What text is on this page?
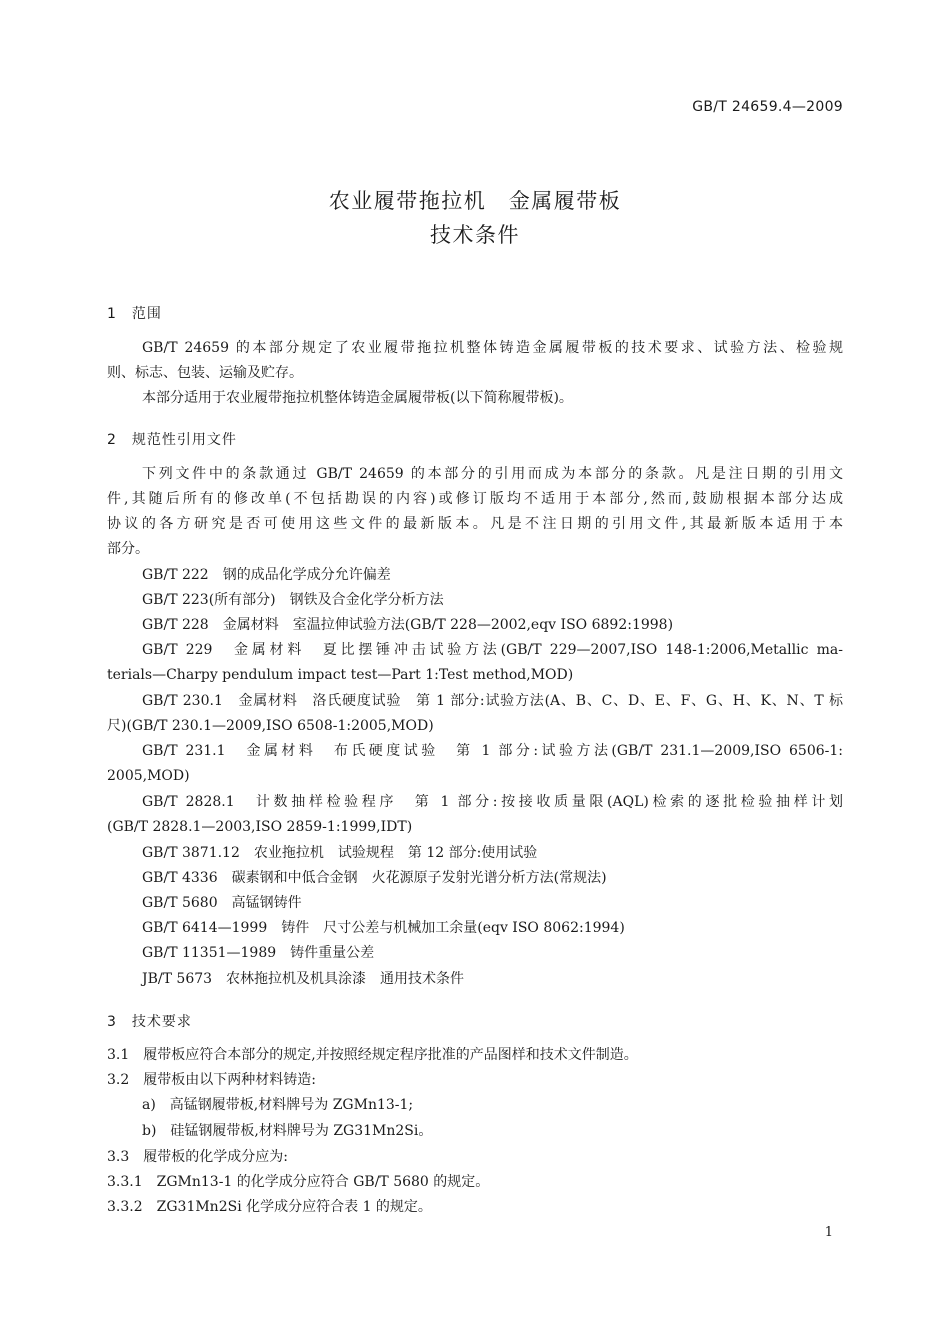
GB/T 24659.4—2009
农业履带拖拉机　金属履带板
技术条件
1　范围
GB/T 24659 的本部分规定了农业履带拖拉机整体铸造金属履带板的技术要求、试验方法、检验规
则、标志、包装、运输及贮存。
本部分适用于农业履带拖拉机整体铸造金属履带板(以下简称履带板)。
2　规范性引用文件
下列文件中的条款通过 GB/T 24659 的本部分的引用而成为本部分的条款。凡是注日期的引用文
件,其随后所有的修改单(不包括勘误的内容)或修订版均不适用于本部分,然而,鼓励根据本部分达成
协议的各方研究是否可使用这些文件的最新版本。凡是不注日期的引用文件,其最新版本适用于本
部分。
GB/T 222　钢的成品化学成分允许偏差
GB/T 223(所有部分)　钢铁及合金化学分析方法
GB/T 228　金属材料　室温拉伸试验方法(GB/T 228—2002,eqv ISO 6892:1998)
GB/T 229　金属材料　夏比摆锤冲击试验方法(GB/T 229—2007,ISO 148-1:2006,Metallic ma-
terials—Charpy pendulum impact test—Part 1:Test method,MOD)
GB/T 230.1　金属材料　洛氏硬度试验　第 1 部分:试验方法(A、B、C、D、E、F、G、H、K、N、T 标
尺)(GB/T 230.1—2009,ISO 6508-1:2005,MOD)
GB/T 231.1　金属材料　布氏硬度试验　第 1 部分:试验方法(GB/T 231.1—2009,ISO 6506-1:
2005,MOD)
GB/T 2828.1　计数抽样检验程序　第 1 部分:按接收质量限(AQL)检索的逐批检验抽样计划
(GB/T 2828.1—2003,ISO 2859-1:1999,IDT)
GB/T 3871.12　农业拖拉机　试验规程　第 12 部分:使用试验
GB/T 4336　碳素钢和中低合金钢　火花源原子发射光谱分析方法(常规法)
GB/T 5680　高锰钢铸件
GB/T 6414—1999　铸件　尺寸公差与机械加工余量(eqv ISO 8062:1994)
GB/T 11351—1989　铸件重量公差
JB/T 5673　农林拖拉机及机具涂漆　通用技术条件
3　技术要求
3.1　履带板应符合本部分的规定,并按照经规定程序批准的产品图样和技术文件制造。
3.2　履带板由以下两种材料铸造:
a)　高锰钢履带板,材料牌号为 ZGMn13-1;
b)　硅锰钢履带板,材料牌号为 ZG31Mn2Si。
3.3　履带板的化学成分应为:
3.3.1　ZGMn13-1 的化学成分应符合 GB/T 5680 的规定。
3.3.2　ZG31Mn2Si 化学成分应符合表 1 的规定。
1
